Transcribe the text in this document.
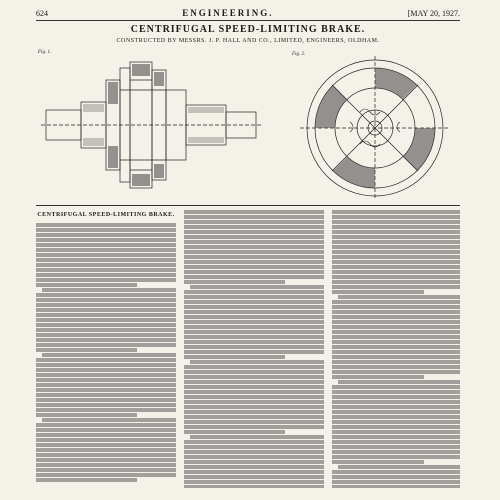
624	ENGINEERING.	[MAY 20, 1927.
CENTRIFUGAL SPEED-LIMITING BRAKE.
CONSTRUCTED BY MESSRS. J. P. HALL AND CO., LIMITED, ENGINEERS, OLDHAM.
Fig. 1.	Fig. 2.
CENTRIFUGAL SPEED-LIMITING BRAKE.
